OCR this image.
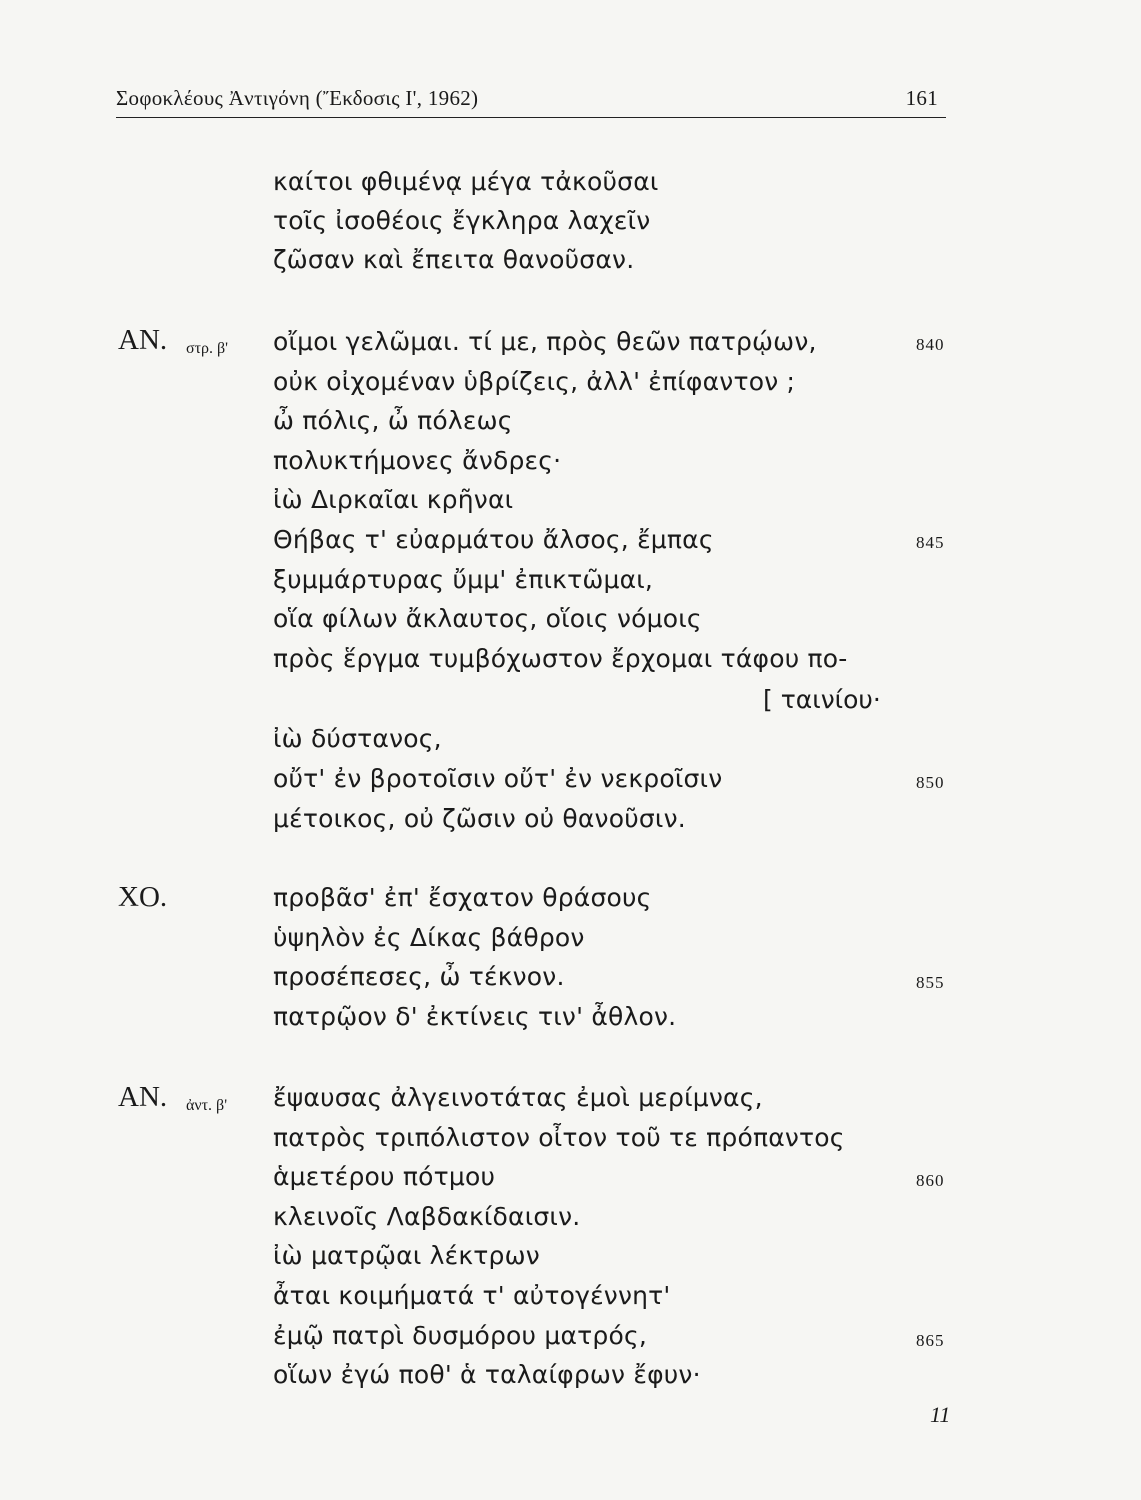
Σοφοκλέους Ἀντιγόνη (Ἔκδοσις Ι', 1962)	161
καίτοι φθιμένᾳ μέγα τἀκοῦσαι
τοῖς ἰσοθέοις ἔγκληρα λαχεῖν
ζῶσαν καὶ ἔπειτα θανοῦσαν.
οἴμοι γελῶμαι. τί με, πρὸς θεῶν πατρῴων,
οὐκ οἰχομέναν ὑβρίζεις, ἀλλ' ἐπίφαντον ;
ὦ πόλις, ὦ πόλεως
πολυκτήμονες ἄνδρες·
ἰὼ Διρκαῖαι κρῆναι
Θήβας τ' εὐαρμάτου ἄλσος, ἔμπας
ξυμμάρτυρας ὔμμ' ἐπικτῶμαι,
οἵα φίλων ἄκλαυτος, οἵοις νόμοις
πρὸς ἕργμα τυμβόχωστον ἔρχομαι τάφου πο-
[ ταινίου·
ἰὼ δύστανος,
οὔτ' ἐν βροτοῖσιν οὔτ' ἐν νεκροῖσιν
μέτοικος, οὐ ζῶσιν οὐ θανοῦσιν.
προβᾶσ' ἐπ' ἔσχατον θράσους
ὑψηλὸν ἐς Δίκας βάθρον
προσέπεσες, ὦ τέκνον.
πατρῷον δ' ἐκτίνεις τιν' ἆθλον.
ἔψαυσας ἀλγεινοτάτας ἐμοὶ μερίμνας,
πατρὸς τριπόλιστον οἶτον τοῦ τε πρόπαντος
ἁμετέρου πότμου
κλεινοῖς Λαβδακίδαισιν.
ἰὼ ματρῷαι λέκτρων
ἆται κοιμήματά τ' αὐτογέννητ'
ἐμῷ πατρὶ δυσμόρου ματρός,
οἵων ἐγώ ποθ' ἁ ταλαίφρων ἔφυν·
ΑΝ. στρ. β'
ΧΟ.
ΑΝ. ἀντ. β'
840
845
850
855
860
865
11
